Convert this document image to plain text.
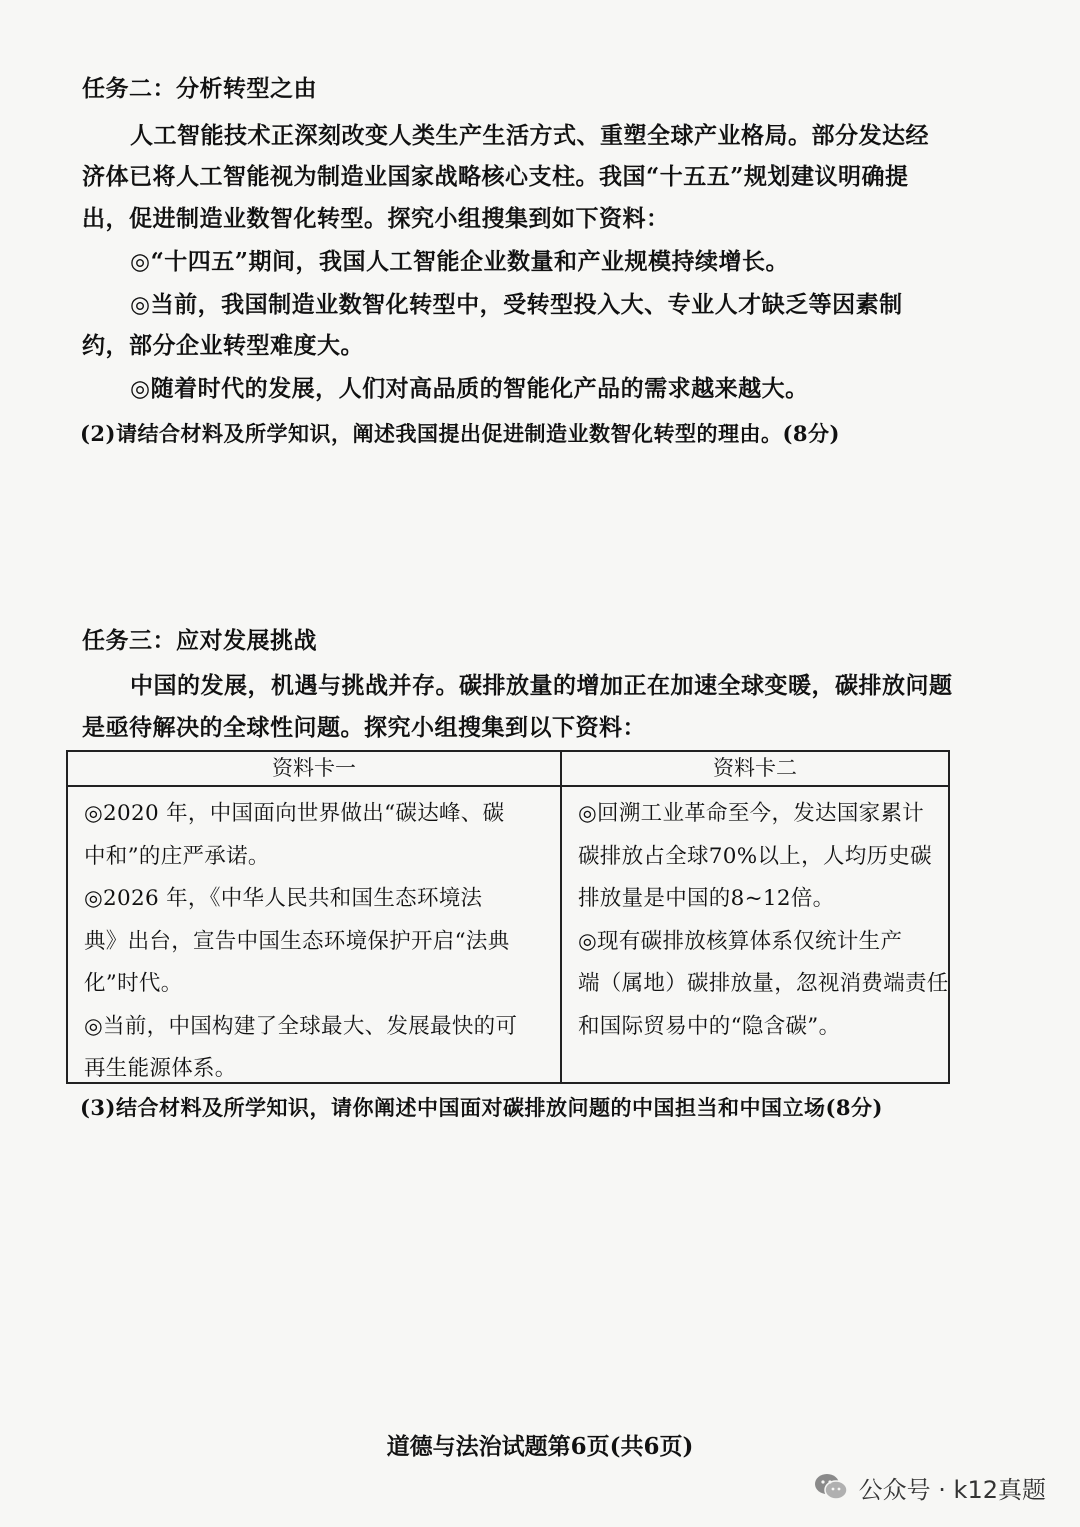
任务二：分析转型之由
人工智能技术正深刻改变人类生产生活方式、重塑全球产业格局。部分发达经
济体已将人工智能视为制造业国家战略核心支柱。我国“十五五”规划建议明确提
出，促进制造业数智化转型。探究小组搜集到如下资料：
◎“十四五”期间，我国人工智能企业数量和产业规模持续增长。
◎当前，我国制造业数智化转型中，受转型投入大、专业人才缺乏等因素制
约，部分企业转型难度大。
◎随着时代的发展，人们对高品质的智能化产品的需求越来越大。
(2)请结合材料及所学知识，阐述我国提出促进制造业数智化转型的理由。(8分)
任务三：应对发展挑战
中国的发展，机遇与挑战并存。碳排放量的增加正在加速全球变暖，碳排放问题
是亟待解决的全球性问题。探究小组搜集到以下资料：
资料卡一
◎2020 年，中国面向世界做出“碳达峰、碳
中和”的庄严承诺。
◎2026 年，《中华人民共和国生态环境法
典》出台，宣告中国生态环境保护开启“法典
化”时代。
◎当前，中国构建了全球最大、发展最快的可
再生能源体系。
资料卡二
◎回溯工业革命至今，发达国家累计
碳排放占全球70%以上，人均历史碳
排放量是中国的8~12倍。
◎现有碳排放核算体系仅统计生产
端（属地）碳排放量，忽视消费端责任
和国际贸易中的“隐含碳”。
(3)结合材料及所学知识，请你阐述中国面对碳排放问题的中国担当和中国立场(8分)
道德与法治试题第6页(共6页)
公众号 · k12真题
